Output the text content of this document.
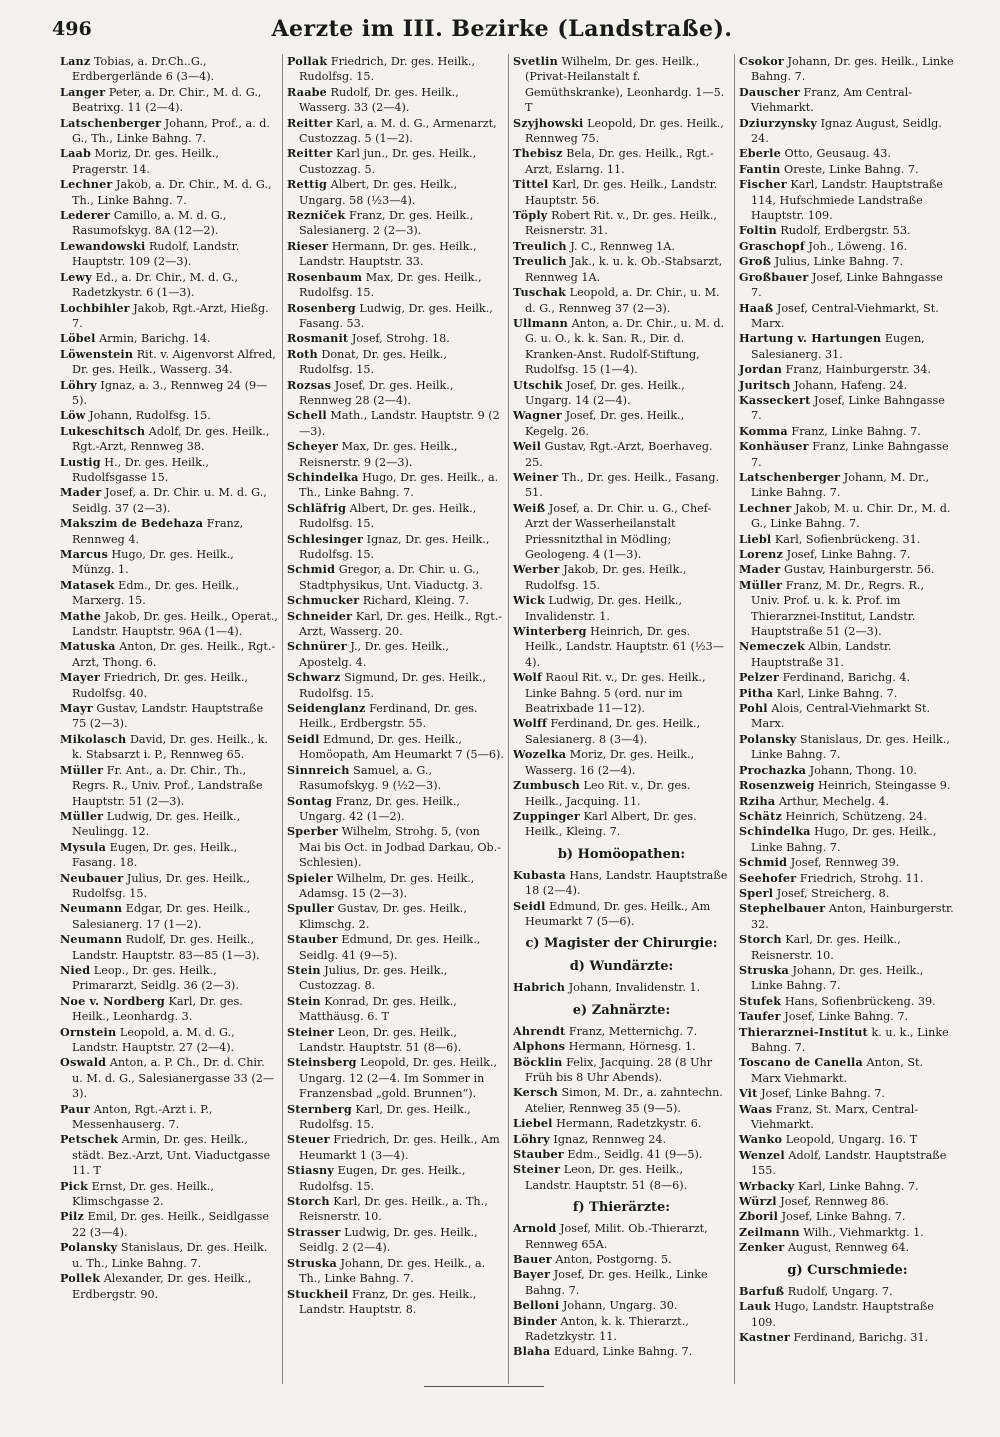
496	Aerzte im III. Bezirke (Landstraße).

Lanz Tobias, a. Dr.Ch..G., Erdbergerlände 6 (3—4).

Langer Peter, a. Dr. Chir., M. d. G., Beatrixg. 11 (2—4).

Latschenberger Johann, Prof., a. d. G., Th., Linke Bahng. 7.

Laab Moriz, Dr. ges. Heilk., Pragerstr. 14.

Lechner Jakob, a. Dr. Chir., M. d. G., Th., Linke Bahng. 7.

Lederer Camillo, a. M. d. G., Rasumofskyg. 8A (12—2).

Lewandowski Rudolf, Landstr. Hauptstr. 109 (2—3).

Lewy Ed., a. Dr. Chir., M. d. G., Radetzkystr. 6 (1—3).

Lochbihler Jakob, Rgt.-Arzt, Hießg. 7.

Löbel Armin, Barichg. 14.

Löwenstein Rit. v. Aigenvorst Alfred, Dr. ges. Heilk., Wasserg. 34.

Löhry Ignaz, a. 3., Rennweg 24 (9—5).

Löw Johann, Rudolfsg. 15.

Lukeschitsch Adolf, Dr. ges. Heilk., Rgt.-Arzt, Rennweg 38.

Lustig H., Dr. ges. Heilk., Rudolfsgasse 15.

Mader Josef, a. Dr. Chir. u. M. d. G., Seidlg. 37 (2—3).

Makszim de Bedehaza Franz, Rennweg 4.

Marcus Hugo, Dr. ges. Heilk., Münzg. 1.

Matasek Edm., Dr. ges. Heilk., Marxerg. 15.

Mathe Jakob, Dr. ges. Heilk., Operat., Landstr. Hauptstr. 96A (1—4).

Matuska Anton, Dr. ges. Heilk., Rgt.-Arzt, Thong. 6.

Mayer Friedrich, Dr. ges. Heilk., Rudolfsg. 40.

Mayr Gustav, Landstr. Hauptstraße 75 (2—3).

Mikolasch David, Dr. ges. Heilk., k. k. Stabsarzt i. P., Rennweg 65.

Müller Fr. Ant., a. Dr. Chir., Th., Regrs. R., Univ. Prof., Landstraße Hauptstr. 51 (2—3).

Müller Ludwig, Dr. ges. Heilk., Neulingg. 12.

Mysula Eugen, Dr. ges. Heilk., Fasang. 18.

Neubauer Julius, Dr. ges. Heilk., Rudolfsg. 15.

Neumann Edgar, Dr. ges. Heilk., Salesianerg. 17 (1—2).

Neumann Rudolf, Dr. ges. Heilk., Landstr. Hauptstr. 83—85 (1—3).

Nied Leop., Dr. ges. Heilk., Primararzt, Seidlg. 36 (2—3).

Noe v. Nordberg Karl, Dr. ges. Heilk., Leonhardg. 3.

Ornstein Leopold, a. M. d. G., Landstr. Hauptstr. 27 (2—4).

Oswald Anton, a. P. Ch., Dr. d. Chir. u. M. d. G., Salesianergasse 33 (2—3).

Paur Anton, Rgt.-Arzt i. P., Messenhauserg. 7.

Petschek Armin, Dr. ges. Heilk., städt. Bez.-Arzt, Unt. Viaductgasse 11. T

Pick Ernst, Dr. ges. Heilk., Klimschgasse 2.

Pilz Emil, Dr. ges. Heilk., Seidlgasse 22 (3—4).

Polansky Stanislaus, Dr. ges. Heilk. u. Th., Linke Bahng. 7.

Pollek Alexander, Dr. ges. Heilk., Erdbergstr. 90.

Pollak Friedrich, Dr. ges. Heilk., Rudolfsg. 15.

Raabe Rudolf, Dr. ges. Heilk., Wasserg. 33 (2—4).

Reitter Karl, a. M. d. G., Armenarzt, Custozzag. 5 (1—2).

Reitter Karl jun., Dr. ges. Heilk., Custozzag. 5.

Rettig Albert, Dr. ges. Heilk., Ungarg. 58 (½3—4).

Rezniček Franz, Dr. ges. Heilk., Salesianerg. 2 (2—3).

Rieser Hermann, Dr. ges. Heilk., Landstr. Hauptstr. 33.

Rosenbaum Max, Dr. ges. Heilk., Rudolfsg. 15.

Rosenberg Ludwig, Dr. ges. Heilk., Fasang. 53.

Rosmanit Josef, Strohg. 18.

Roth Donat, Dr. ges. Heilk., Rudolfsg. 15.

Rozsas Josef, Dr. ges. Heilk., Rennweg 28 (2—4).

Schell Math., Landstr. Hauptstr. 9 (2—3).

Scheyer Max, Dr. ges. Heilk., Reisnerstr. 9 (2—3).

Schindelka Hugo, Dr. ges. Heilk., a. Th., Linke Bahng. 7.

Schläfrig Albert, Dr. ges. Heilk., Rudolfsg. 15.

Schlesinger Ignaz, Dr. ges. Heilk., Rudolfsg. 15.

Schmid Gregor, a. Dr. Chir. u. G., Stadtphysikus, Unt. Viaductg. 3.

Schmucker Richard, Kleing. 7.

Schneider Karl, Dr. ges. Heilk., Rgt.-Arzt, Wasserg. 20.

Schnürer J., Dr. ges. Heilk., Apostelg. 4.

Schwarz Sigmund, Dr. ges. Heilk., Rudolfsg. 15.

Seidenglanz Ferdinand, Dr. ges. Heilk., Erdbergstr. 55.

Seidl Edmund, Dr. ges. Heilk., Homöopath, Am Heumarkt 7 (5—6).

Sinnreich Samuel, a. G., Rasumofskyg. 9 (½2—3).

Sontag Franz, Dr. ges. Heilk., Ungarg. 42 (1—2).

Sperber Wilhelm, Strohg. 5, (von Mai bis Oct. in Jodbad Darkau, Ob.-Schlesien).

Spieler Wilhelm, Dr. ges. Heilk., Adamsg. 15 (2—3).

Spuller Gustav, Dr. ges. Heilk., Klimschg. 2.

Stauber Edmund, Dr. ges. Heilk., Seidlg. 41 (9—5).

Stein Julius, Dr. ges. Heilk., Custozzag. 8.

Stein Konrad, Dr. ges. Heilk., Matthäusg. 6. T

Steiner Leon, Dr. ges. Heilk., Landstr. Hauptstr. 51 (8—6).

Steinsberg Leopold, Dr. ges. Heilk., Ungarg. 12 (2—4. Im Sommer in Franzensbad „gold. Brunnen“).

Sternberg Karl, Dr. ges. Heilk., Rudolfsg. 15.

Steuer Friedrich, Dr. ges. Heilk., Am Heumarkt 1 (3—4).

Stiasny Eugen, Dr. ges. Heilk., Rudolfsg. 15.

Storch Karl, Dr. ges. Heilk., a. Th., Reisnerstr. 10.

Strasser Ludwig, Dr. ges. Heilk., Seidlg. 2 (2—4).

Struska Johann, Dr. ges. Heilk., a. Th., Linke Bahng. 7.

Stuckheil Franz, Dr. ges. Heilk., Landstr. Hauptstr. 8.

Svetlin Wilhelm, Dr. ges. Heilk., (Privat-Heilanstalt f. Gemüthskranke), Leonhardg. 1—5. T

Szyjhowski Leopold, Dr. ges. Heilk., Rennweg 75.

Thebisz Bela, Dr. ges. Heilk., Rgt.-Arzt, Eslarng. 11.

Tittel Karl, Dr. ges. Heilk., Landstr. Hauptstr. 56.

Töply Robert Rit. v., Dr. ges. Heilk., Reisnerstr. 31.

Treulich J. C., Rennweg 1A.

Treulich Jak., k. u. k. Ob.-Stabsarzt, Rennweg 1A.

Tuschak Leopold, a. Dr. Chir., u. M. d. G., Rennweg 37 (2—3).

Ullmann Anton, a. Dr. Chir., u. M. d. G. u. O., k. k. San. R., Dir. d. Kranken-Anst. Rudolf-Stiftung, Rudolfsg. 15 (1—4).

Utschik Josef, Dr. ges. Heilk., Ungarg. 14 (2—4).

Wagner Josef, Dr. ges. Heilk., Kegelg. 26.

Weil Gustav, Rgt.-Arzt, Boerhaveg. 25.

Weiner Th., Dr. ges. Heilk., Fasang. 51.

Weiß Josef, a. Dr. Chir. u. G., Chef-Arzt der Wasserheilanstalt Priessnitzthal in Mödling; Geologeng. 4 (1—3).

Werber Jakob, Dr. ges. Heilk., Rudolfsg. 15.

Wick Ludwig, Dr. ges. Heilk., Invalidenstr. 1.

Winterberg Heinrich, Dr. ges. Heilk., Landstr. Hauptstr. 61 (½3—4).

Wolf Raoul Rit. v., Dr. ges. Heilk., Linke Bahng. 5 (ord. nur im Beatrixbade 11—12).

Wolff Ferdinand, Dr. ges. Heilk., Salesianerg. 8 (3—4).

Wozelka Moriz, Dr. ges. Heilk., Wasserg. 16 (2—4).

Zumbusch Leo Rit. v., Dr. ges. Heilk., Jacquing. 11.

Zuppinger Karl Albert, Dr. ges. Heilk., Kleing. 7.

b) Homöopathen:

Kubasta Hans, Landstr. Hauptstraße 18 (2—4).

Seidl Edmund, Dr. ges. Heilk., Am Heumarkt 7 (5—6).

c) Magister der Chirurgie:
d) Wundärzte:

Habrich Johann, Invalidenstr. 1.

e) Zahnärzte:

Ahrendt Franz, Metternichg. 7.

Alphons Hermann, Hörnesg. 1.

Böcklin Felix, Jacquing. 28 (8 Uhr Früh bis 8 Uhr Abends).

Kersch Simon, M. Dr., a. zahntechn. Atelier, Rennweg 35 (9—5).

Liebel Hermann, Radetzkystr. 6.

Löhry Ignaz, Rennweg 24.

Stauber Edm., Seidlg. 41 (9—5).

Steiner Leon, Dr. ges. Heilk., Landstr. Hauptstr. 51 (8—6).

f) Thierärzte:

Arnold Josef, Milit. Ob.-Thierarzt, Rennweg 65A.

Bauer Anton, Postgorng. 5.

Bayer Josef, Dr. ges. Heilk., Linke Bahng. 7.

Belloni Johann, Ungarg. 30.

Binder Anton, k. k. Thierarzt., Radetzkystr. 11.

Blaha Eduard, Linke Bahng. 7.

Csokor Johann, Dr. ges. Heilk., Linke Bahng. 7.

Dauscher Franz, Am Central-Viehmarkt.

Dziurzynsky Ignaz August, Seidlg. 24.

Eberle Otto, Geusaug. 43.

Fantin Oreste, Linke Bahng. 7.

Fischer Karl, Landstr. Hauptstraße 114, Hufschmiede Landstraße Hauptstr. 109.

Foltin Rudolf, Erdbergstr. 53.

Graschopf Joh., Löweng. 16.

Groß Julius, Linke Bahng. 7.

Großbauer Josef, Linke Bahngasse 7.

Haaß Josef, Central-Viehmarkt, St. Marx.

Hartung v. Hartungen Eugen, Salesianerg. 31.

Jordan Franz, Hainburgerstr. 34.

Juritsch Johann, Hafeng. 24.

Kasseckert Josef, Linke Bahngasse 7.

Komma Franz, Linke Bahng. 7.

Konhäuser Franz, Linke Bahngasse 7.

Latschenberger Johann, M. Dr., Linke Bahng. 7.

Lechner Jakob, M. u. Chir. Dr., M. d. G., Linke Bahng. 7.

Liebl Karl, Sofienbrückeng. 31.

Lorenz Josef, Linke Bahng. 7.

Mader Gustav, Hainburgerstr. 56.

Müller Franz, M. Dr., Regrs. R., Univ. Prof. u. k. k. Prof. im Thierarznei-Institut, Landstr. Hauptstraße 51 (2—3).

Nemeczek Albin, Landstr. Hauptstraße 31.

Pelzer Ferdinand, Barichg. 4.

Pitha Karl, Linke Bahng. 7.

Pohl Alois, Central-Viehmarkt St. Marx.

Polansky Stanislaus, Dr. ges. Heilk., Linke Bahng. 7.

Prochazka Johann, Thong. 10.

Rosenzweig Heinrich, Steingasse 9.

Rziha Arthur, Mechelg. 4.

Schätz Heinrich, Schützeng. 24.

Schindelka Hugo, Dr. ges. Heilk., Linke Bahng. 7.

Schmid Josef, Rennweg 39.

Seehofer Friedrich, Strohg. 11.

Sperl Josef, Streicherg. 8.

Stephelbauer Anton, Hainburgerstr. 32.

Storch Karl, Dr. ges. Heilk., Reisnerstr. 10.

Struska Johann, Dr. ges. Heilk., Linke Bahng. 7.

Stufek Hans, Sofienbrückeng. 39.

Taufer Josef, Linke Bahng. 7.

Thierarznei-Institut k. u. k., Linke Bahng. 7.

Toscano de Canella Anton, St. Marx Viehmarkt.

Vit Josef, Linke Bahng. 7.

Waas Franz, St. Marx, Central-Viehmarkt.

Wanko Leopold, Ungarg. 16. T

Wenzel Adolf, Landstr. Hauptstraße 155.

Wrbacky Karl, Linke Bahng. 7.

Würzl Josef, Rennweg 86.

Zboril Josef, Linke Bahng. 7.

Zeilmann Wilh., Viehmarktg. 1.

Zenker August, Rennweg 64.

g) Curschmiede:

Barfuß Rudolf, Ungarg. 7.

Lauk Hugo, Landstr. Hauptstraße 109.

Kastner Ferdinand, Barichg. 31.
